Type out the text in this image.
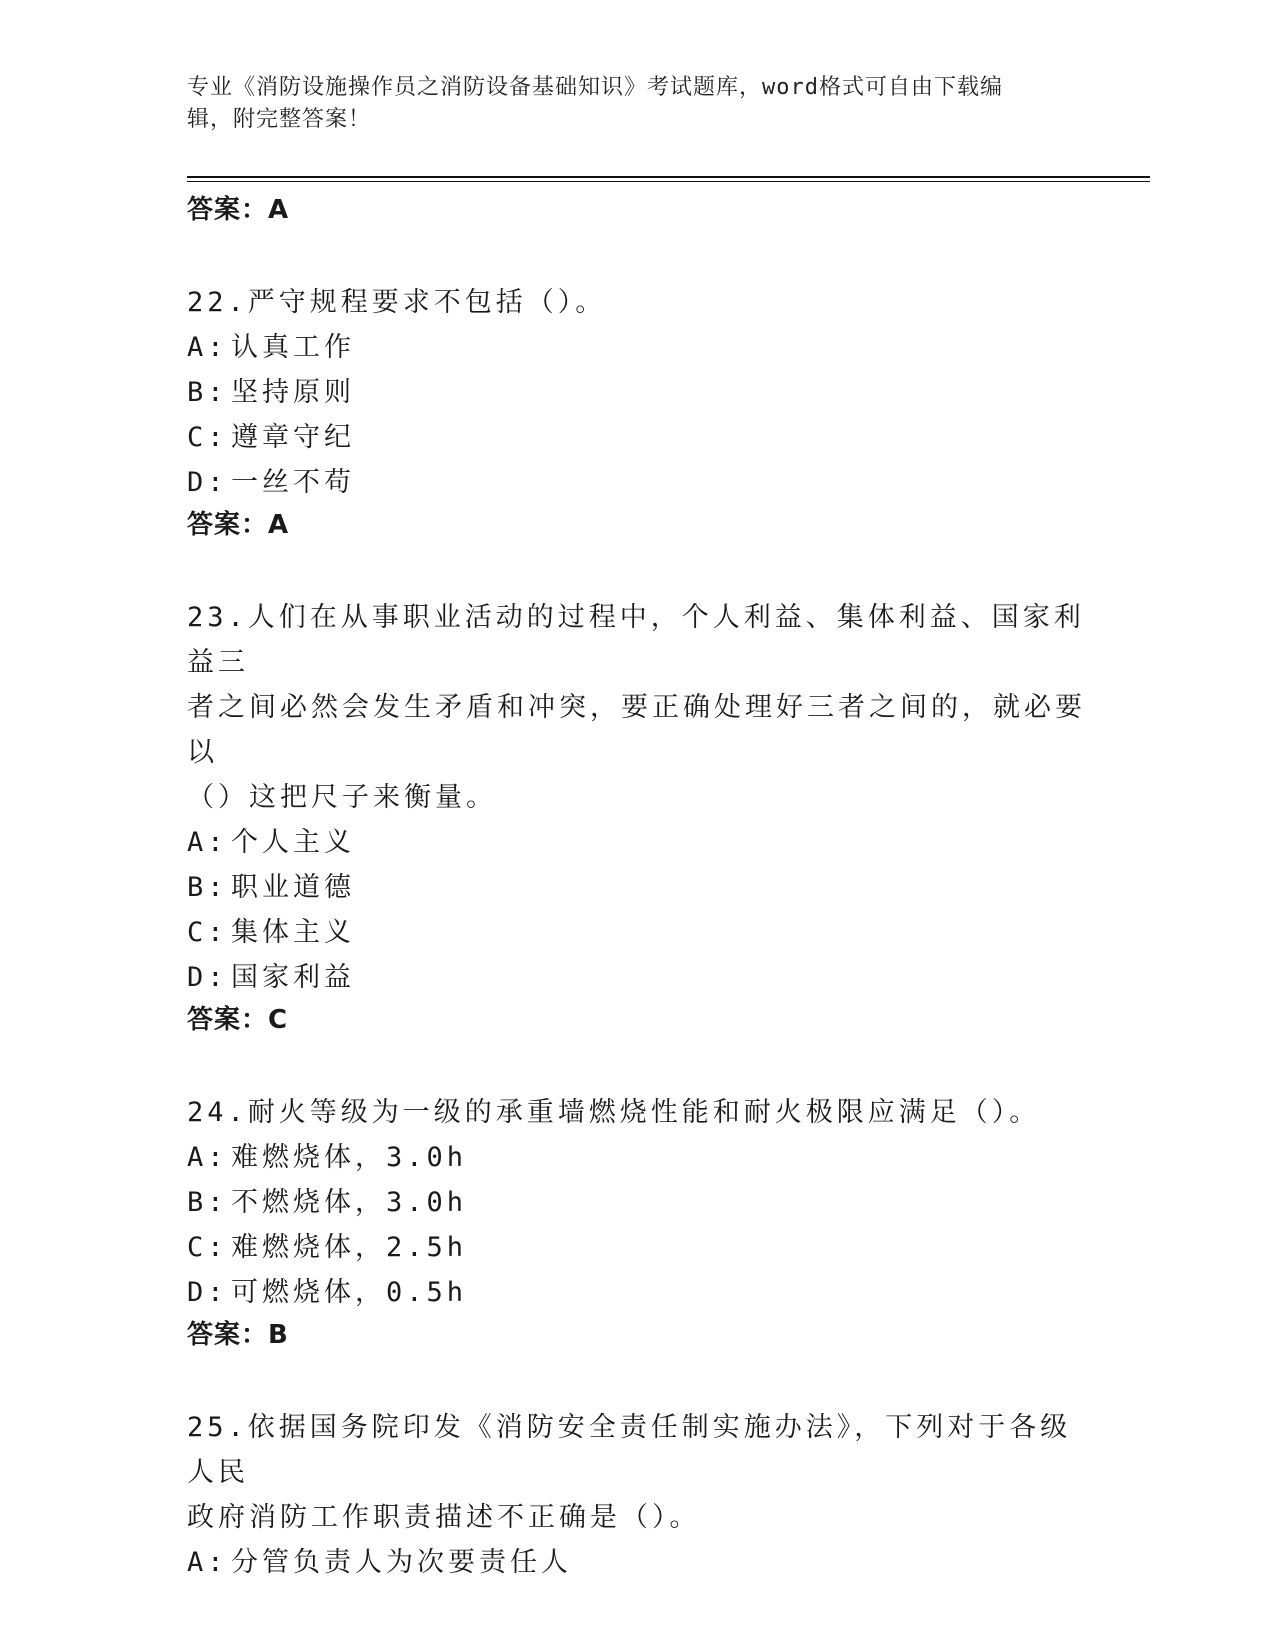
专业《消防设施操作员之消防设备基础知识》考试题库，word格式可自由下载编
辑，附完整答案！
答案：A
22.严守规程要求不包括（）。
A: 认真工作
B: 坚持原则
C: 遵章守纪
D: 一丝不苟
答案：A
23.人们在从事职业活动的过程中，个人利益、集体利益、国家利益三
者之间必然会发生矛盾和冲突，要正确处理好三者之间的，就必要以
（）这把尺子来衡量。
A: 个人主义
B: 职业道德
C: 集体主义
D: 国家利益
答案：C
24.耐火等级为一级的承重墙燃烧性能和耐火极限应满足（）。
A: 难燃烧体，3.0h
B: 不燃烧体，3.0h
C: 难燃烧体，2.5h
D: 可燃烧体，0.5h
答案：B
25.依据国务院印发《消防安全责任制实施办法》，下列对于各级人民
政府消防工作职责描述不正确是（）。
A: 分管负责人为次要责任人
